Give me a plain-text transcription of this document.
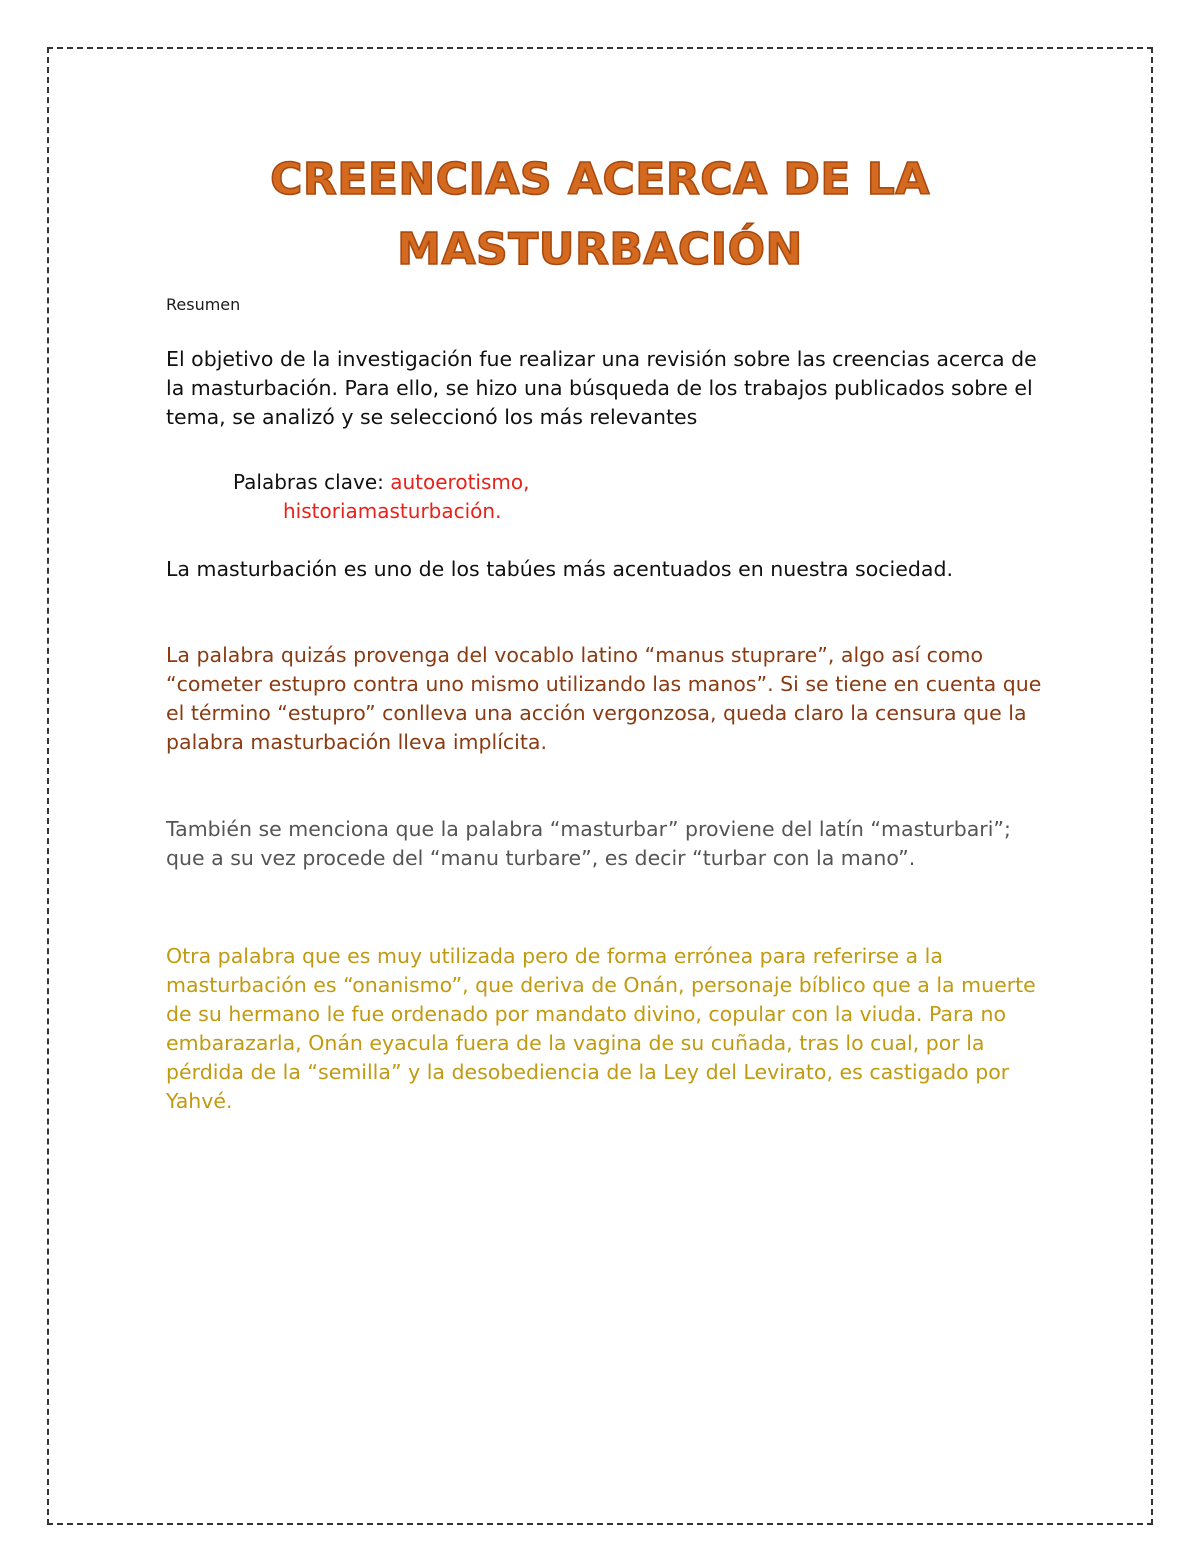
CREENCIAS ACERCA DE LA
MASTURBACIÓN

Resumen

El objetivo de la investigación fue realizar una revisión sobre las creencias acerca de la masturbación. Para ello, se hizo una búsqueda de los trabajos publicados sobre el tema, se analizó y se seleccionó los más relevantes

Palabras clave: autoerotismo,
historiamasturbación.

La masturbación es uno de los tabúes más acentuados en nuestra sociedad.

La palabra quizás provenga del vocablo latino “manus stuprare”, algo así como “cometer estupro contra uno mismo utilizando las manos”. Si se tiene en cuenta que el término “estupro” conlleva una acción vergonzosa, queda claro la censura que la palabra masturbación lleva implícita.

También se menciona que la palabra “masturbar” proviene del latín “masturbari”; que a su vez procede del “manu turbare”, es decir “turbar con la mano”.

Otra palabra que es muy utilizada pero de forma errónea para referirse a la masturbación es “onanismo”, que deriva de Onán, personaje bíblico que a la muerte de su hermano le fue ordenado por mandato divino, copular con la viuda. Para no embarazarla, Onán eyacula fuera de la vagina de su cuñada, tras lo cual, por la pérdida de la “semilla” y la desobediencia de la Ley del Levirato, es castigado por Yahvé.
